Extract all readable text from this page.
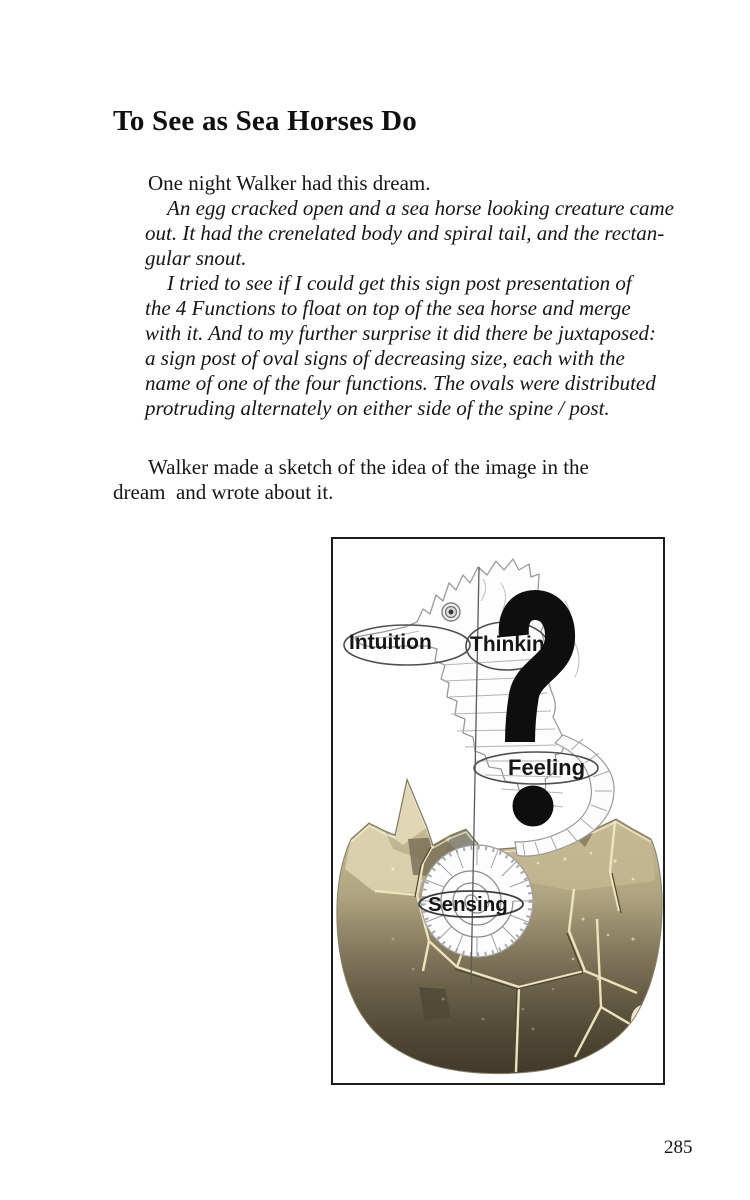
To See as Sea Horses Do
One night Walker had this dream.
An egg cracked open and a sea horse looking creature came
out. It had the crenelated body and spiral tail, and the rectan-
gular snout.
I tried to see if I could get this sign post presentation of
the 4 Functions to float on top of the sea horse and merge
with it. And to my further surprise it did there be juxtaposed:
a sign post of oval signs of decreasing size, each with the
name of one of the four functions. The ovals were distributed
protruding alternately on either side of the spine / post.
Walker made a sketch of the idea of the image in the
dream  and wrote about it.
Intuition Thinking
Feeling
Sensing
285
